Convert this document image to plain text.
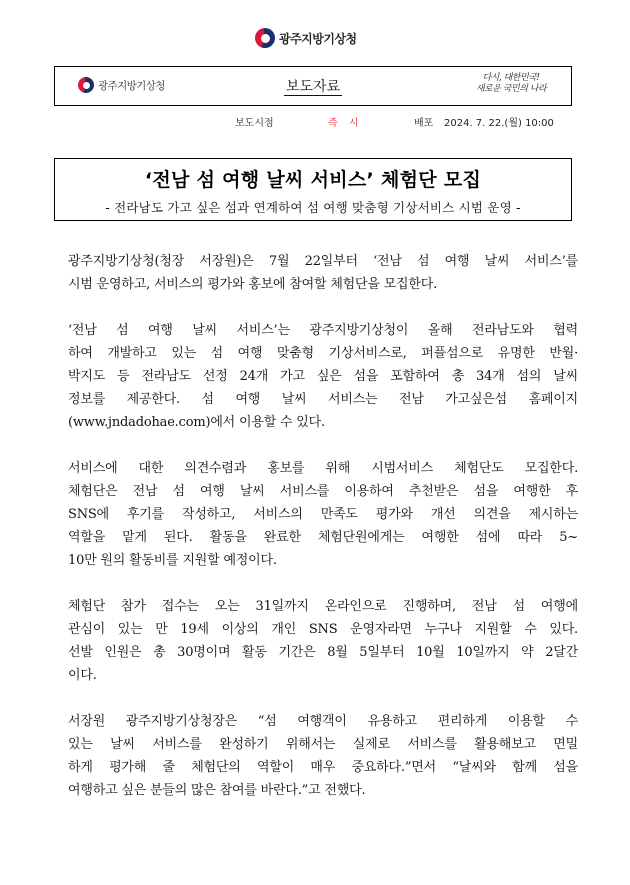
광주지방기상청
광주지방기상청	보도자료
다시, 대한민국!
새로운 국민의 나라
보도시점	즉 시	배포 2024. 7. 22.(월) 10:00
‘전남 섬 여행 날씨 서비스’ 체험단 모집
- 전라남도 가고 싶은 섬과 연계하여 섬 여행 맞춤형 기상서비스 시범 운영 -
광주지방기상청(청장 서장원)은 7월 22일부터 ‘전남 섬 여행 날씨 서비스’를
시범 운영하고, 서비스의 평가와 홍보에 참여할 체험단을 모집한다.
‘전남 섬 여행 날씨 서비스’는 광주지방기상청이 올해 전라남도와 협력
하여 개발하고 있는 섬 여행 맞춤형 기상서비스로, 퍼플섬으로 유명한 반월·
박지도 등 전라남도 선정 24개 가고 싶은 섬을 포함하여 총 34개 섬의 날씨
정보를 제공한다. 섬 여행 날씨 서비스는 전남 가고싶은섬 홈페이지
(www.jndadohae.com)에서 이용할 수 있다.
서비스에 대한 의견수렴과 홍보를 위해 시범서비스 체험단도 모집한다.
체험단은 전남 섬 여행 날씨 서비스를 이용하여 추천받은 섬을 여행한 후
SNS에 후기를 작성하고, 서비스의 만족도 평가와 개선 의견을 제시하는
역할을 맡게 된다. 활동을 완료한 체험단원에게는 여행한 섬에 따라 5~
10만 원의 활동비를 지원할 예정이다.
체험단 참가 접수는 오는 31일까지 온라인으로 진행하며, 전남 섬 여행에
관심이 있는 만 19세 이상의 개인 SNS 운영자라면 누구나 지원할 수 있다.
선발 인원은 총 30명이며 활동 기간은 8월 5일부터 10월 10일까지 약 2달간
이다.
서장원 광주지방기상청장은 “섬 여행객이 유용하고 편리하게 이용할 수
있는 날씨 서비스를 완성하기 위해서는 실제로 서비스를 활용해보고 면밀
하게 평가해 줄 체험단의 역할이 매우 중요하다.”면서 “날씨와 함께 섬을
여행하고 싶은 분들의 많은 참여를 바란다.”고 전했다.
